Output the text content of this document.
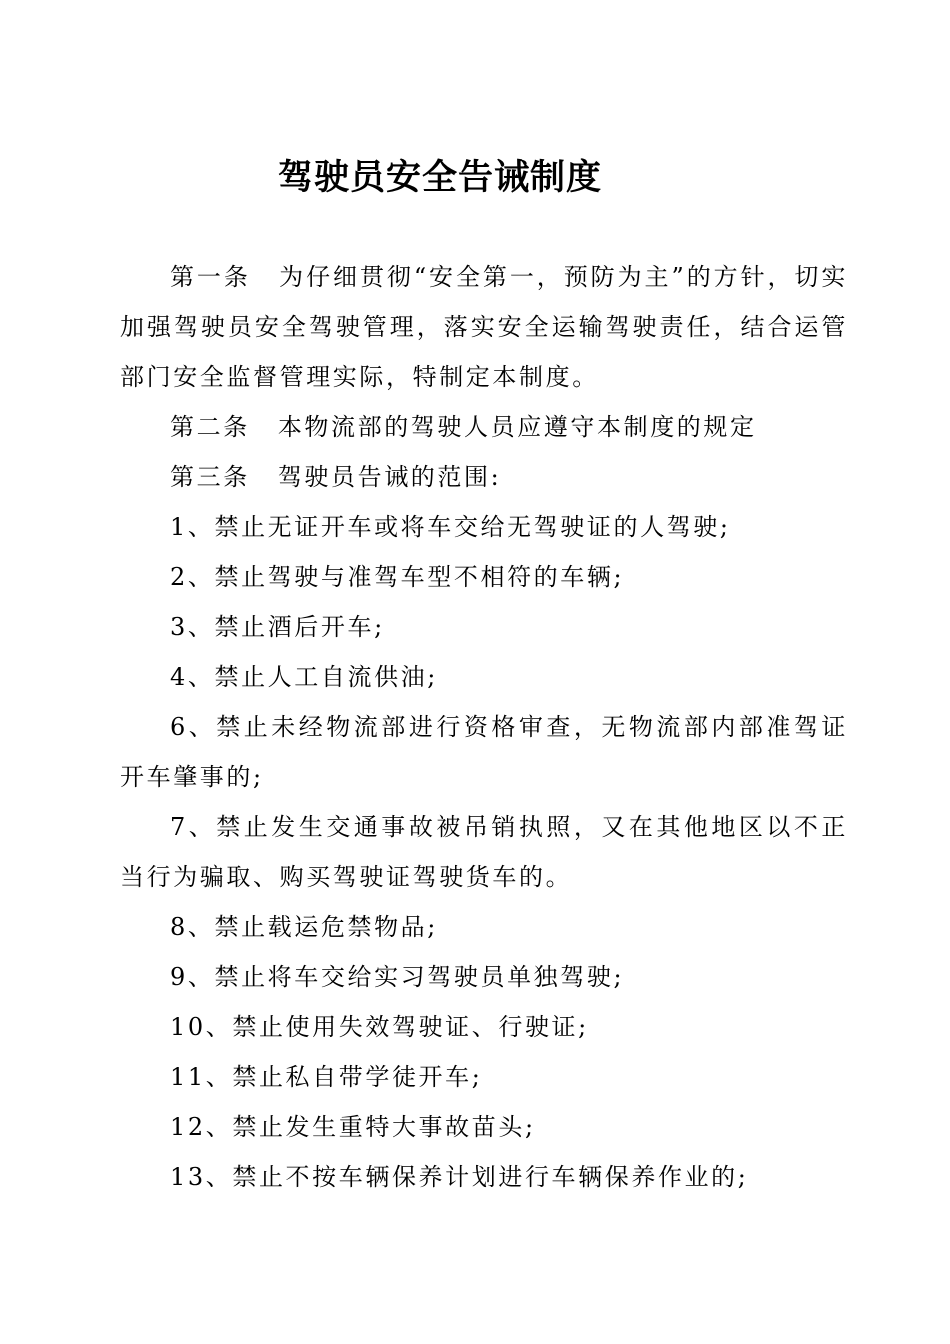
驾驶员安全告诫制度

第一条 为仔细贯彻“安全第一，预防为主”的方针，切实加强驾驶员安全驾驶管理，落实安全运输驾驶责任，结合运管部门安全监督管理实际，特制定本制度。

第二条 本物流部的驾驶人员应遵守本制度的规定

第三条 驾驶员告诫的范围:

1、禁止无证开车或将车交给无驾驶证的人驾驶;

2、禁止驾驶与准驾车型不相符的车辆;

3、禁止酒后开车;

4、禁止人工自流供油;

6、禁止未经物流部进行资格审查，无物流部内部准驾证开车肇事的;

7、禁止发生交通事故被吊销执照，又在其他地区以不正当行为骗取、购买驾驶证驾驶货车的。

8、禁止载运危禁物品;

9、禁止将车交给实习驾驶员单独驾驶;

10、禁止使用失效驾驶证、行驶证;

11、禁止私自带学徒开车;

12、禁止发生重特大事故苗头;

13、禁止不按车辆保养计划进行车辆保养作业的;
